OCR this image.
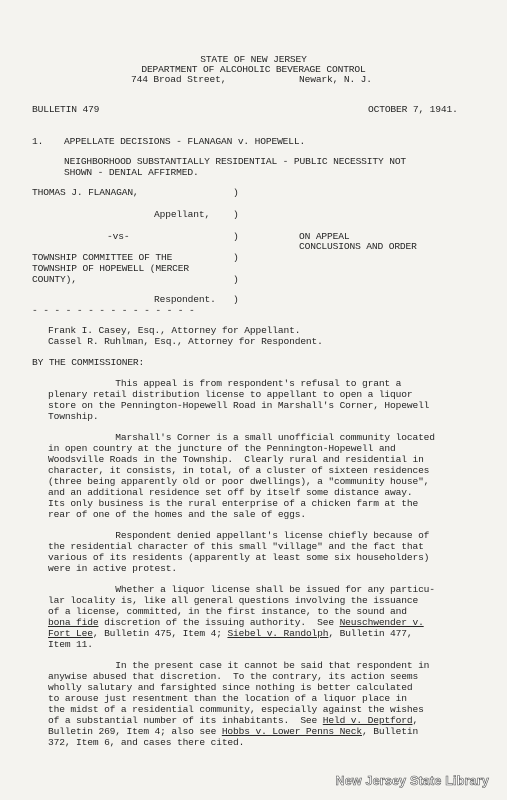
STATE OF NEW JERSEY
DEPARTMENT OF ALCOHOLIC BEVERAGE CONTROL
744 Broad Street,	Newark, N. J.
BULLETIN 479	OCTOBER 7, 1941.
1. APPELLATE DECISIONS - FLANAGAN v. HOPEWELL.
NEIGHBORHOOD SUBSTANTIALLY RESIDENTIAL - PUBLIC NECESSITY NOT
SHOWN - DENIAL AFFIRMED.
THOMAS J. FLANAGAN,	)
Appellant, )
-vs-	)	ON APPEAL
CONCLUSIONS AND ORDER
TOWNSHIP COMMITTEE OF THE	)
TOWNSHIP OF HOPEWELL (MERCER
COUNTY),	)
Respondent. )
- - - - - - - - - - - - - - -
Frank I. Casey, Esq., Attorney for Appellant.
Cassel R. Ruhlman, Esq., Attorney for Respondent.
BY THE COMMISSIONER:
This appeal is from respondent's refusal to grant a
plenary retail distribution license to appellant to open a liquor
store on the Pennington-Hopewell Road in Marshall's Corner, Hopewell
Township.
Marshall's Corner is a small unofficial community located
in open country at the juncture of the Pennington-Hopewell and
Woodsville Roads in the Township.  Clearly rural and residential in
character, it consists, in total, of a cluster of sixteen residences
(three being apparently old or poor dwellings), a "community house",
and an additional residence set off by itself some distance away.
Its only business is the rural enterprise of a chicken farm at the
rear of one of the homes and the sale of eggs.
Respondent denied appellant's license chiefly because of
the residential character of this small "village" and the fact that
various of its residents (apparently at least some six householders)
were in active protest.
Whether a liquor license shall be issued for any particu-
lar locality is, like all general questions involving the issuance
of a license, committed, in the first instance, to the sound and
bona fide discretion of the issuing authority.  See Neuschwender v.
Fort Lee, Bulletin 475, Item 4; Siebel v. Randolph, Bulletin 477,
Item 11.
In the present case it cannot be said that respondent in
anywise abused that discretion.  To the contrary, its action seems
wholly salutary and farsighted since nothing is better calculated
to arouse just resentment than the location of a liquor place in
the midst of a residential community, especially against the wishes
of a substantial number of its inhabitants.  See Held v. Deptford,
Bulletin 269, Item 4; also see Hobbs v. Lower Penns Neck, Bulletin
372, Item 6, and cases there cited.
New Jersey State Library
